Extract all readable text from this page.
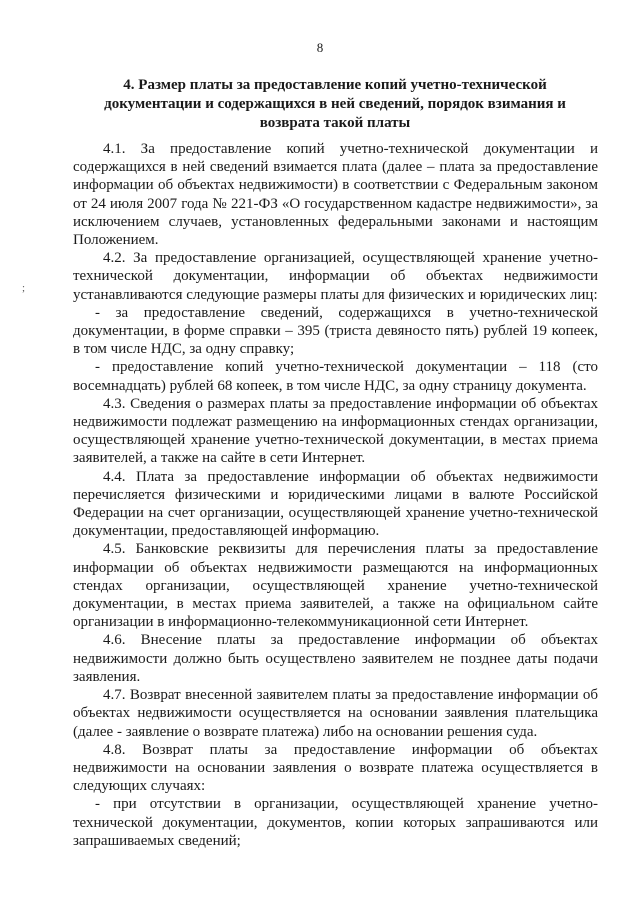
8
;
4. Размер платы за предоставление копий учетно-технической документации и содержащихся в ней сведений, порядок взимания и возврата такой платы

4.1. За предоставление копий учетно-технической документации и содержащихся в ней сведений взимается плата (далее – плата за предоставление информации об объектах недвижимости) в соответствии с Федеральным законом от 24 июля 2007 года № 221-ФЗ «О государственном кадастре недвижимости», за исключением случаев, установленных федеральными законами и настоящим Положением.

4.2. За предоставление организацией, осуществляющей хранение учетно-технической документации, информации об объектах недвижимости устанавливаются следующие размеры платы для физических и юридических лиц:

- за предоставление сведений, содержащихся в учетно-технической документации, в форме справки – 395 (триста девяносто пять) рублей 19 копеек, в том числе НДС, за одну справку;

- предоставление копий учетно-технической документации – 118 (сто восемнадцать) рублей 68 копеек, в том числе НДС, за одну страницу документа.

4.3. Сведения о размерах платы за предоставление информации об объектах недвижимости подлежат размещению на информационных стендах организации, осуществляющей хранение учетно-технической документации, в местах приема заявителей, а также на сайте в сети Интернет.

4.4. Плата за предоставление информации об объектах недвижимости перечисляется физическими и юридическими лицами в валюте Российской Федерации на счет организации, осуществляющей хранение учетно-технической документации, предоставляющей информацию.

4.5. Банковские реквизиты для перечисления платы за предоставление информации об объектах недвижимости размещаются на информационных стендах организации, осуществляющей хранение учетно-технической документации, в местах приема заявителей, а также на официальном сайте организации в информационно-телекоммуникационной сети Интернет.

4.6. Внесение платы за предоставление информации об объектах недвижимости должно быть осуществлено заявителем не позднее даты подачи заявления.

4.7. Возврат внесенной заявителем платы за предоставление информации об объектах недвижимости осуществляется на основании заявления плательщика (далее - заявление о возврате платежа) либо на основании решения суда.

4.8. Возврат платы за предоставление информации об объектах недвижимости на основании заявления о возврате платежа осуществляется в следующих случаях:

- при отсутствии в организации, осуществляющей хранение учетно-технической документации, документов, копии которых запрашиваются или запрашиваемых сведений;
